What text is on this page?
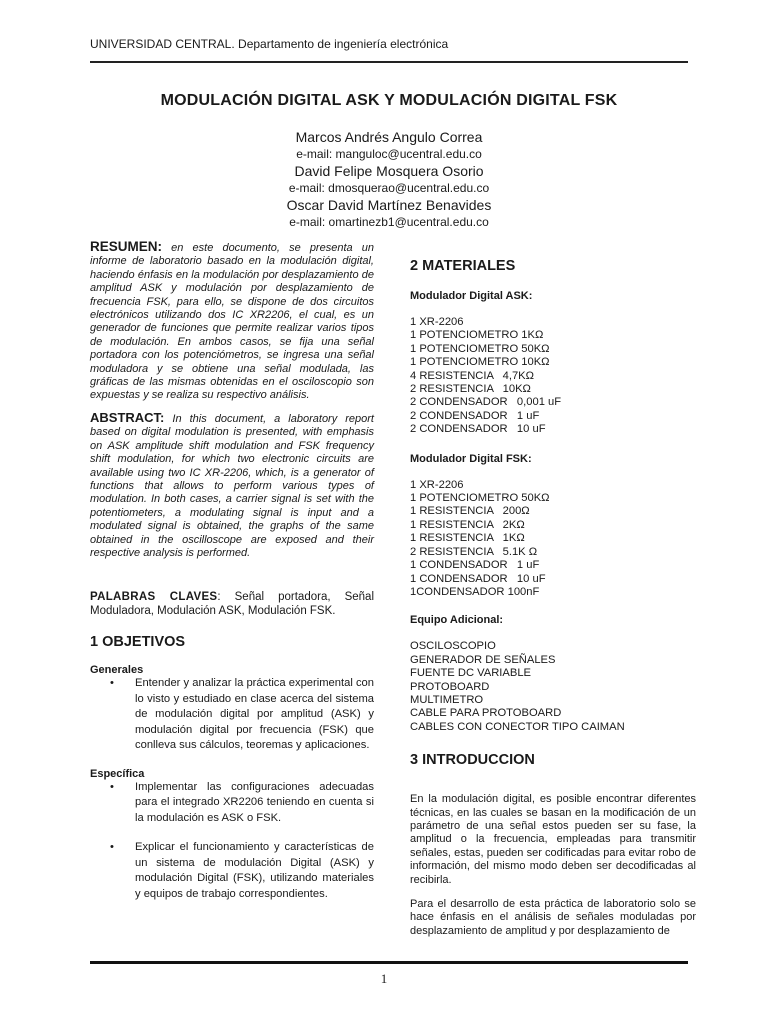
UNIVERSIDAD CENTRAL. Departamento de ingeniería electrónica
MODULACIÓN DIGITAL ASK Y MODULACIÓN DIGITAL FSK
Marcos Andrés Angulo Correa
e-mail: manguloc@ucentral.edu.co
David Felipe Mosquera Osorio
e-mail: dmosquerao@ucentral.edu.co
Oscar David Martínez Benavides
e-mail: omartinezb1@ucentral.edu.co

RESUMEN: en este documento, se presenta un informe de laboratorio basado en la modulación digital, haciendo énfasis en la modulación por desplazamiento de amplitud ASK y modulación por desplazamiento de frecuencia FSK, para ello, se dispone de dos circuitos electrónicos utilizando dos IC XR2206, el cual, es un generador de funciones que permite realizar varios tipos de modulación. En ambos casos, se fija una señal portadora con los potenciómetros, se ingresa una señal moduladora y se obtiene una señal modulada, las gráficas de las mismas obtenidas en el osciloscopio son expuestas y se realiza su respectivo análisis.

ABSTRACT: In this document, a laboratory report based on digital modulation is presented, with emphasis on ASK amplitude shift modulation and FSK frequency shift modulation, for which two electronic circuits are available using two IC XR-2206, which, is a generator of functions that allows to perform various types of modulation. In both cases, a carrier signal is set with the potentiometers, a modulating signal is input and a modulated signal is obtained, the graphs of the same obtained in the oscilloscope are exposed and their respective analysis is performed.

PALABRAS CLAVES: Señal portadora, Señal Moduladora, Modulación ASK, Modulación FSK.

1 OBJETIVOS
Generales
• Entender y analizar la práctica experimental con lo visto y estudiado en clase acerca del sistema de modulación digital por amplitud (ASK) y modulación digital por frecuencia (FSK) que conlleva sus cálculos, teoremas y aplicaciones.
Específica
• Implementar las configuraciones adecuadas para el integrado XR2206 teniendo en cuenta si la modulación es ASK o FSK.
• Explicar el funcionamiento y características de un sistema de modulación Digital (ASK) y modulación Digital (FSK), utilizando materiales y equipos de trabajo correspondientes.
2 MATERIALES
Modulador Digital ASK:
1 XR-2206
1 POTENCIOMETRO 1KΩ
1 POTENCIOMETRO 50KΩ
1 POTENCIOMETRO 10KΩ
4 RESISTENCIA   4,7KΩ
2 RESISTENCIA   10KΩ
2 CONDENSADOR   0,001 uF
2 CONDENSADOR   1 uF
2 CONDENSADOR   10 uF
Modulador Digital FSK:
1 XR-2206
1 POTENCIOMETRO 50KΩ
1 RESISTENCIA   200Ω
1 RESISTENCIA   2KΩ
1 RESISTENCIA   1KΩ
2 RESISTENCIA   5.1K Ω
1 CONDENSADOR   1 uF
1 CONDENSADOR   10 uF
1CONDENSADOR 100nF
Equipo Adicional:
OSCILOSCOPIO
GENERADOR DE SEÑALES
FUENTE DC VARIABLE
PROTOBOARD
MULTIMETRO
CABLE PARA PROTOBOARD
CABLES CON CONECTOR TIPO CAIMAN
3 INTRODUCCION

En la modulación digital, es posible encontrar diferentes técnicas, en las cuales se basan en la modificación de un parámetro de una señal estos pueden ser su fase, la amplitud o la frecuencia, empleadas para transmitir señales, estas, pueden ser codificadas para evitar robo de información, del mismo modo deben ser decodificadas al recibirla.

Para el desarrollo de esta práctica de laboratorio solo se hace énfasis en el análisis de señales moduladas por desplazamiento de amplitud y por desplazamiento de

1
